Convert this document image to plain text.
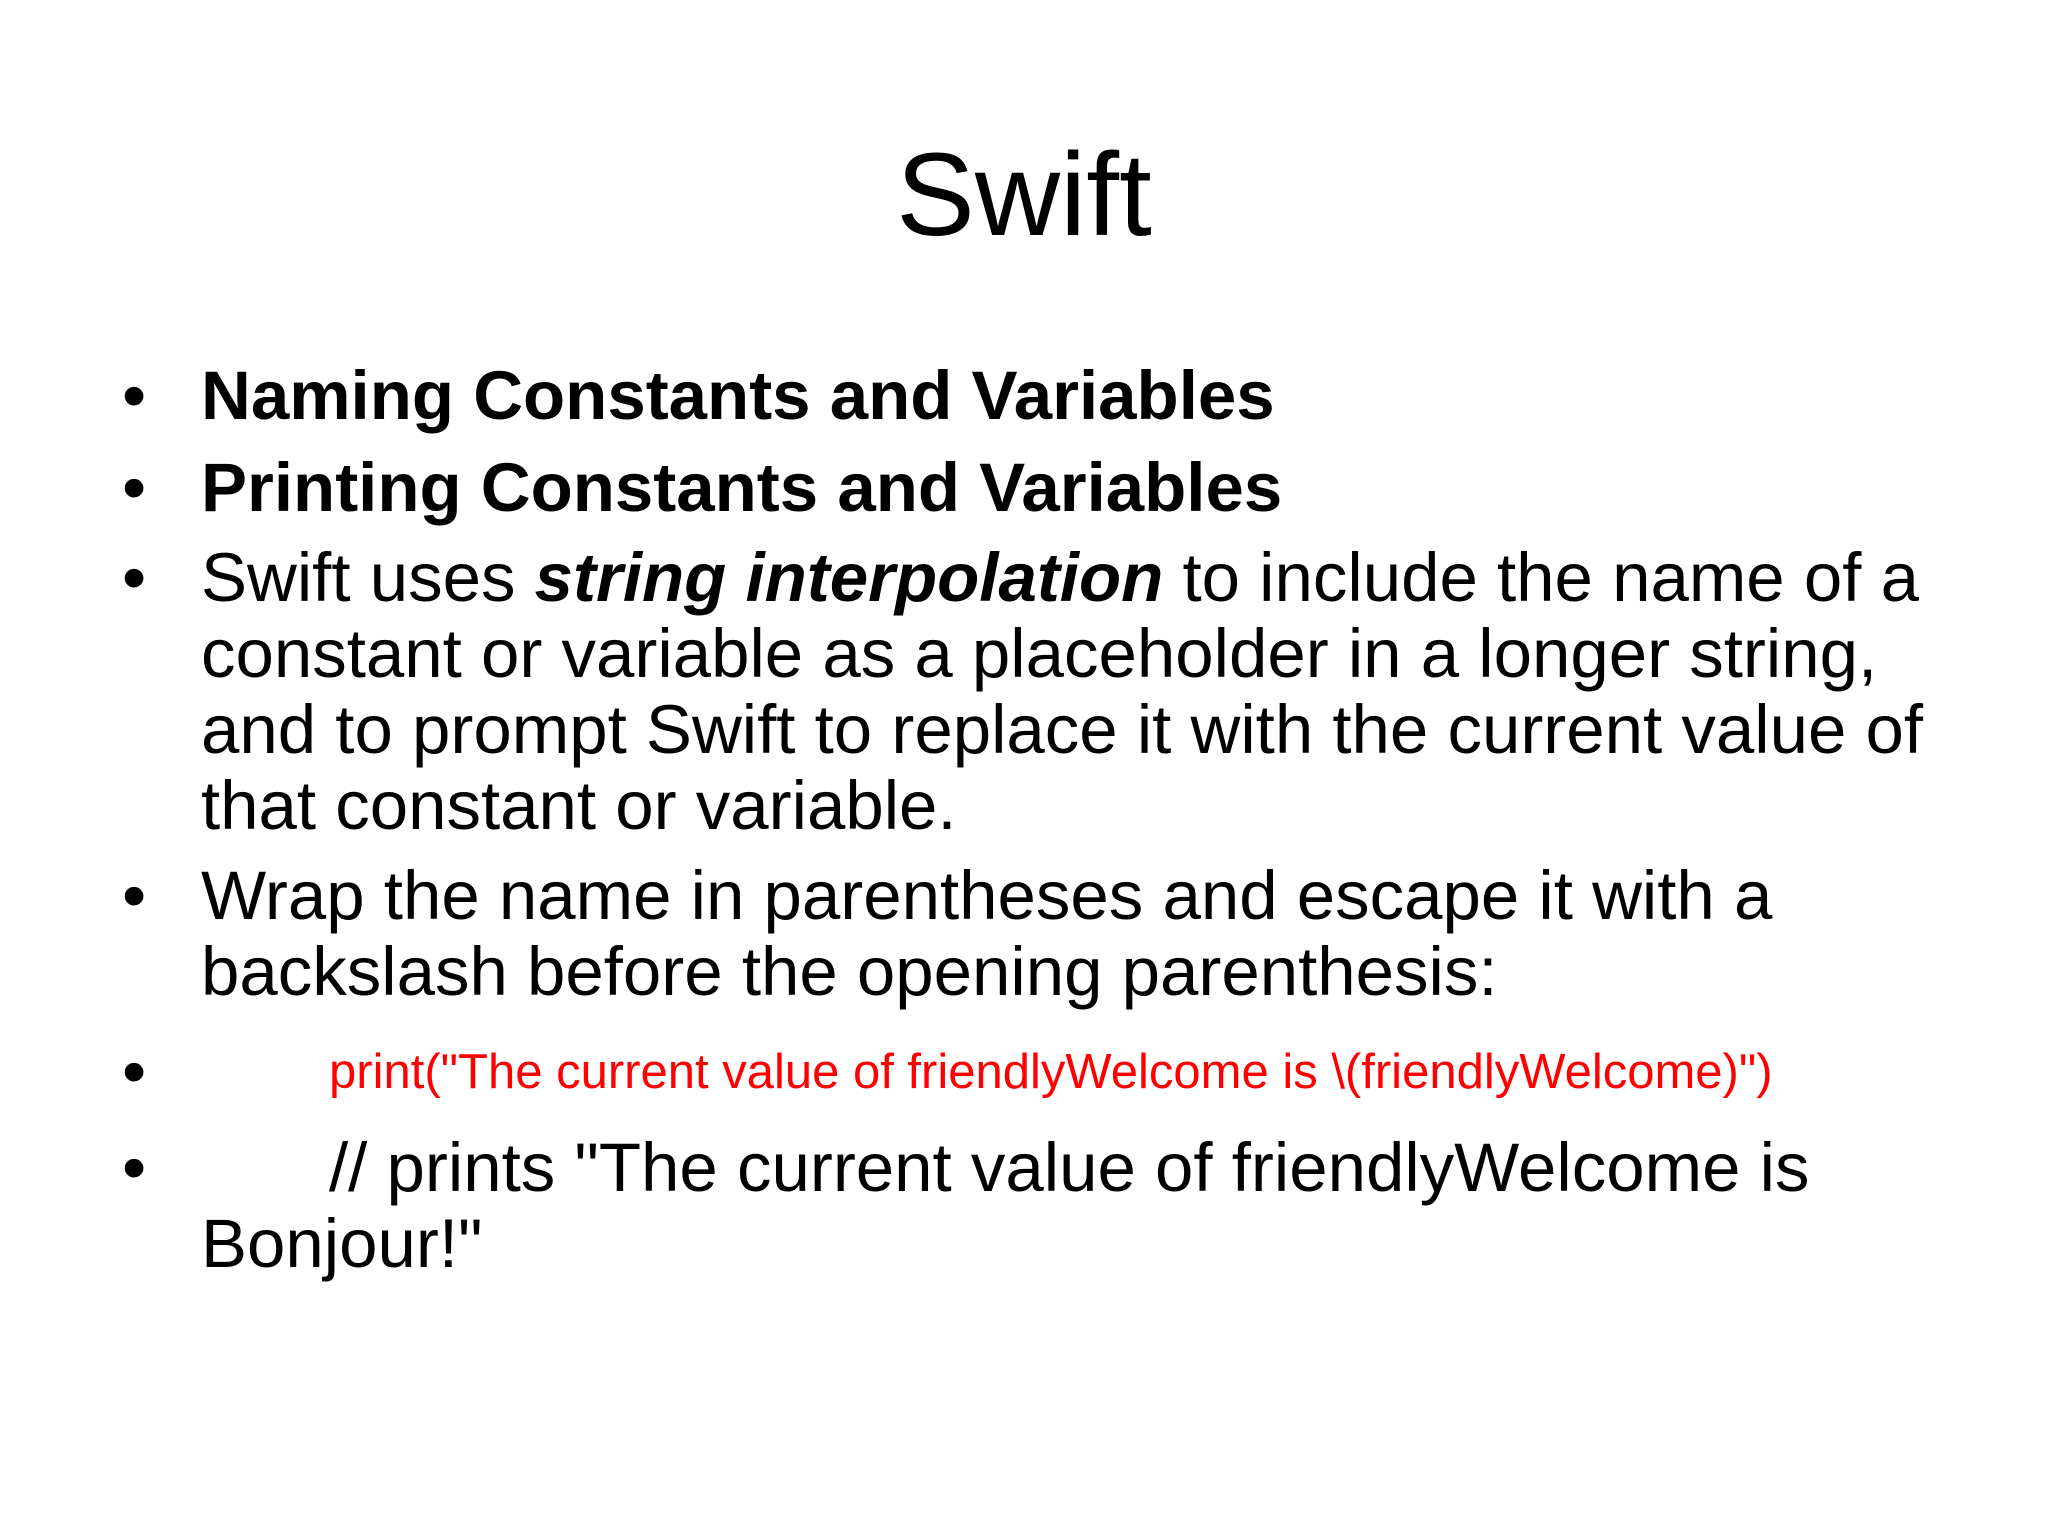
Swift
• Naming Constants and Variables
• Printing Constants and Variables
• Swift uses string interpolation to include the name of a constant or variable as a placeholder in a longer string, and to prompt Swift to replace it with the current value of that constant or variable.
• Wrap the name in parentheses and escape it with a backslash before the opening parenthesis:
•	print("The current value of friendlyWelcome is \(friendlyWelcome)")
•	// prints "The current value of friendlyWelcome is Bonjour!"
